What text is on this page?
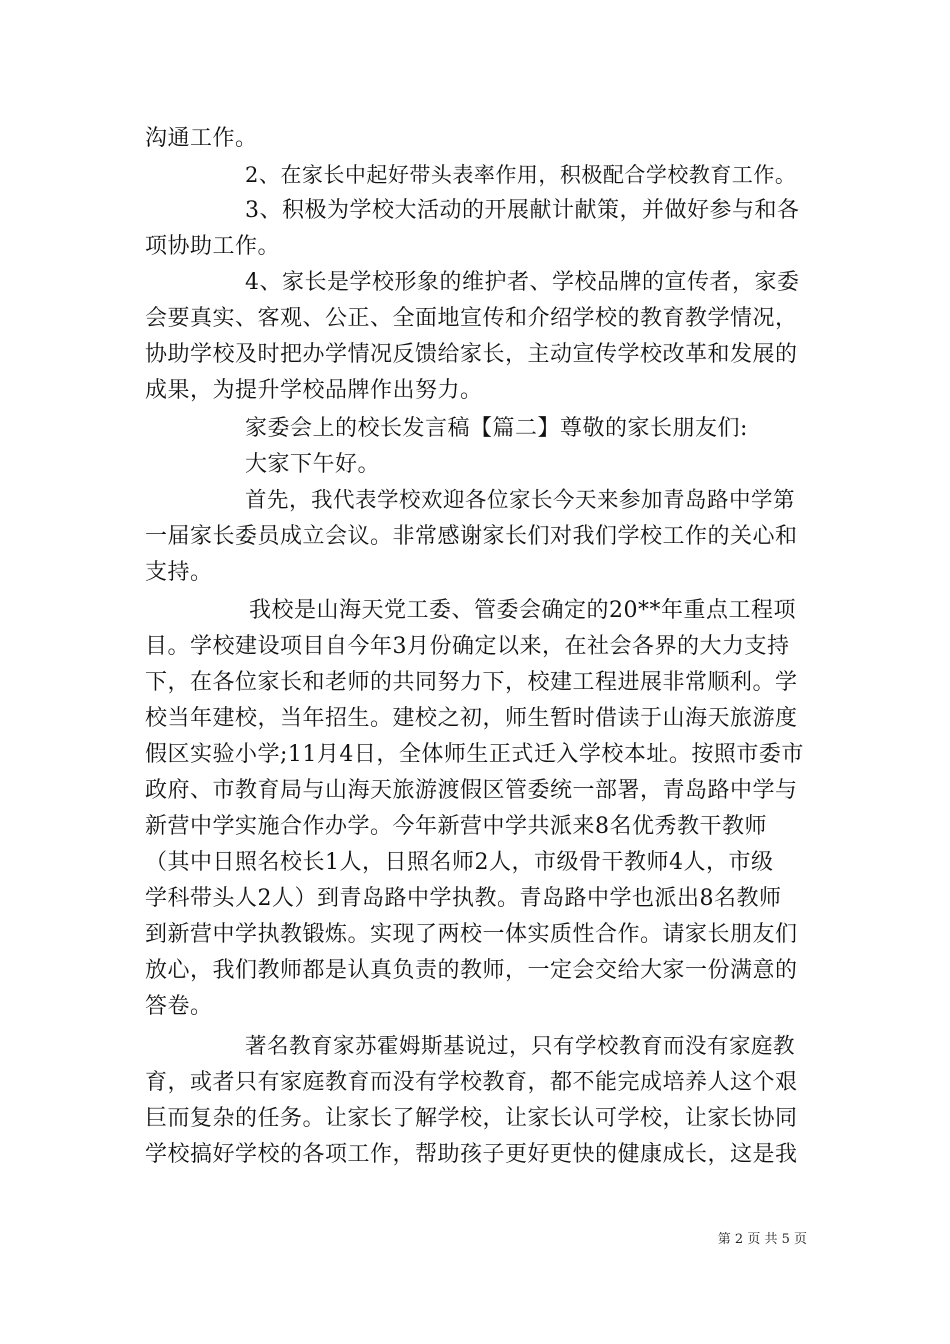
沟通工作。
2、在家长中起好带头表率作用，积极配合学校教育工作。
3、积极为学校大活动的开展献计献策，并做好参与和各
项协助工作。
4、家长是学校形象的维护者、学校品牌的宣传者，家委
会要真实、客观、公正、全面地宣传和介绍学校的教育教学情况，
协助学校及时把办学情况反馈给家长，主动宣传学校改革和发展的
成果，为提升学校品牌作出努力。
家委会上的校长发言稿【篇二】尊敬的家长朋友们:
大家下午好。
首先，我代表学校欢迎各位家长今天来参加青岛路中学第
一届家长委员成立会议。非常感谢家长们对我们学校工作的关心和
支持。
我校是山海天党工委、管委会确定的20**年重点工程项
目。学校建设项目自今年3月份确定以来，在社会各界的大力支持
下，在各位家长和老师的共同努力下，校建工程进展非常顺利。学
校当年建校，当年招生。建校之初，师生暂时借读于山海天旅游度
假区实验小学;11月4日，全体师生正式迁入学校本址。按照市委市
政府、市教育局与山海天旅游渡假区管委统一部署，青岛路中学与
新营中学实施合作办学。今年新营中学共派来8名优秀教干教师
（其中日照名校长1人，日照名师2人，市级骨干教师4人，市级
学科带头人2人）到青岛路中学执教。青岛路中学也派出8名教师
到新营中学执教锻炼。实现了两校一体实质性合作。请家长朋友们
放心，我们教师都是认真负责的教师，一定会交给大家一份满意的
答卷。
著名教育家苏霍姆斯基说过，只有学校教育而没有家庭教
育，或者只有家庭教育而没有学校教育，都不能完成培养人这个艰
巨而复杂的任务。让家长了解学校，让家长认可学校，让家长协同
学校搞好学校的各项工作，帮助孩子更好更快的健康成长，这是我
第 2 页 共 5 页
